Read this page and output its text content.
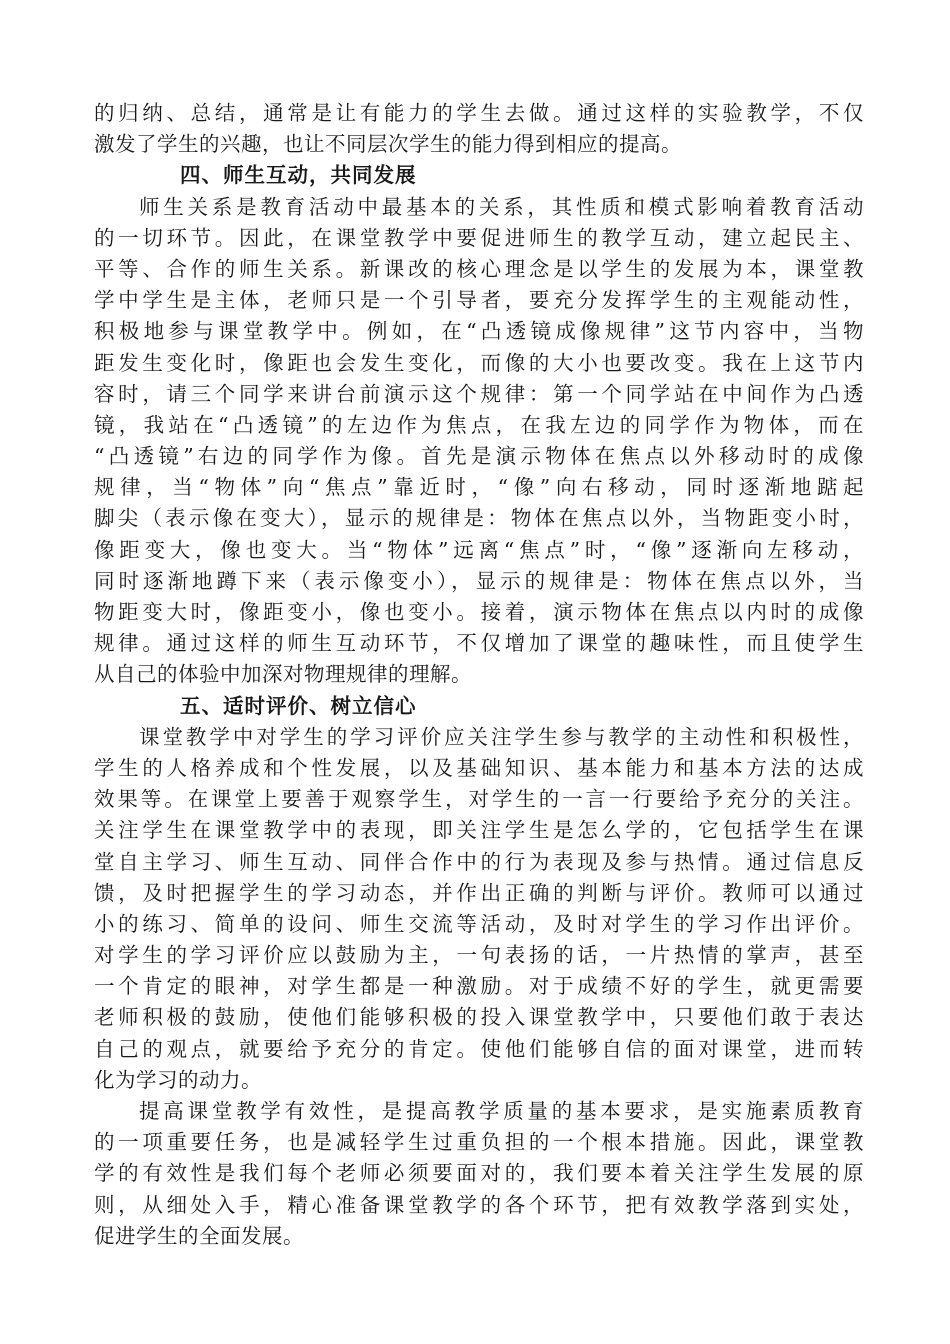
的归纳、总结，通常是让有能力的学生去做。通过这样的实验教学，不仅
激发了学生的兴趣，也让不同层次学生的能力得到相应的提高。
四、师生互动，共同发展
师生关系是教育活动中最基本的关系，其性质和模式影响着教育活动
的一切环节。因此，在课堂教学中要促进师生的教学互动，建立起民主、
平等、合作的师生关系。新课改的核心理念是以学生的发展为本，课堂教
学中学生是主体，老师只是一个引导者，要充分发挥学生的主观能动性，
积极地参与课堂教学中。例如，在“凸透镜成像规律”这节内容中，当物
距发生变化时，像距也会发生变化，而像的大小也要改变。我在上这节内
容时，请三个同学来讲台前演示这个规律：第一个同学站在中间作为凸透
镜，我站在“凸透镜”的左边作为焦点，在我左边的同学作为物体，而在
“凸透镜”右边的同学作为像。首先是演示物体在焦点以外移动时的成像
规律，当“物体”向“焦点”靠近时，“像”向右移动，同时逐渐地踮起
脚尖（表示像在变大），显示的规律是：物体在焦点以外，当物距变小时，
像距变大，像也变大。当“物体”远离“焦点”时，“像”逐渐向左移动，
同时逐渐地蹲下来（表示像变小），显示的规律是：物体在焦点以外，当
物距变大时，像距变小，像也变小。接着，演示物体在焦点以内时的成像
规律。通过这样的师生互动环节，不仅增加了课堂的趣味性，而且使学生
从自己的体验中加深对物理规律的理解。
五、适时评价、树立信心
课堂教学中对学生的学习评价应关注学生参与教学的主动性和积极性，
学生的人格养成和个性发展，以及基础知识、基本能力和基本方法的达成
效果等。在课堂上要善于观察学生，对学生的一言一行要给予充分的关注。
关注学生在课堂教学中的表现，即关注学生是怎么学的，它包括学生在课
堂自主学习、师生互动、同伴合作中的行为表现及参与热情。通过信息反
馈，及时把握学生的学习动态，并作出正确的判断与评价。教师可以通过
小的练习、简单的设问、师生交流等活动，及时对学生的学习作出评价。
对学生的学习评价应以鼓励为主，一句表扬的话，一片热情的掌声，甚至
一个肯定的眼神，对学生都是一种激励。对于成绩不好的学生，就更需要
老师积极的鼓励，使他们能够积极的投入课堂教学中，只要他们敢于表达
自己的观点，就要给予充分的肯定。使他们能够自信的面对课堂，进而转
化为学习的动力。
提高课堂教学有效性，是提高教学质量的基本要求，是实施素质教育
的一项重要任务，也是减轻学生过重负担的一个根本措施。因此，课堂教
学的有效性是我们每个老师必须要面对的，我们要本着关注学生发展的原
则，从细处入手，精心准备课堂教学的各个环节，把有效教学落到实处，
促进学生的全面发展。
